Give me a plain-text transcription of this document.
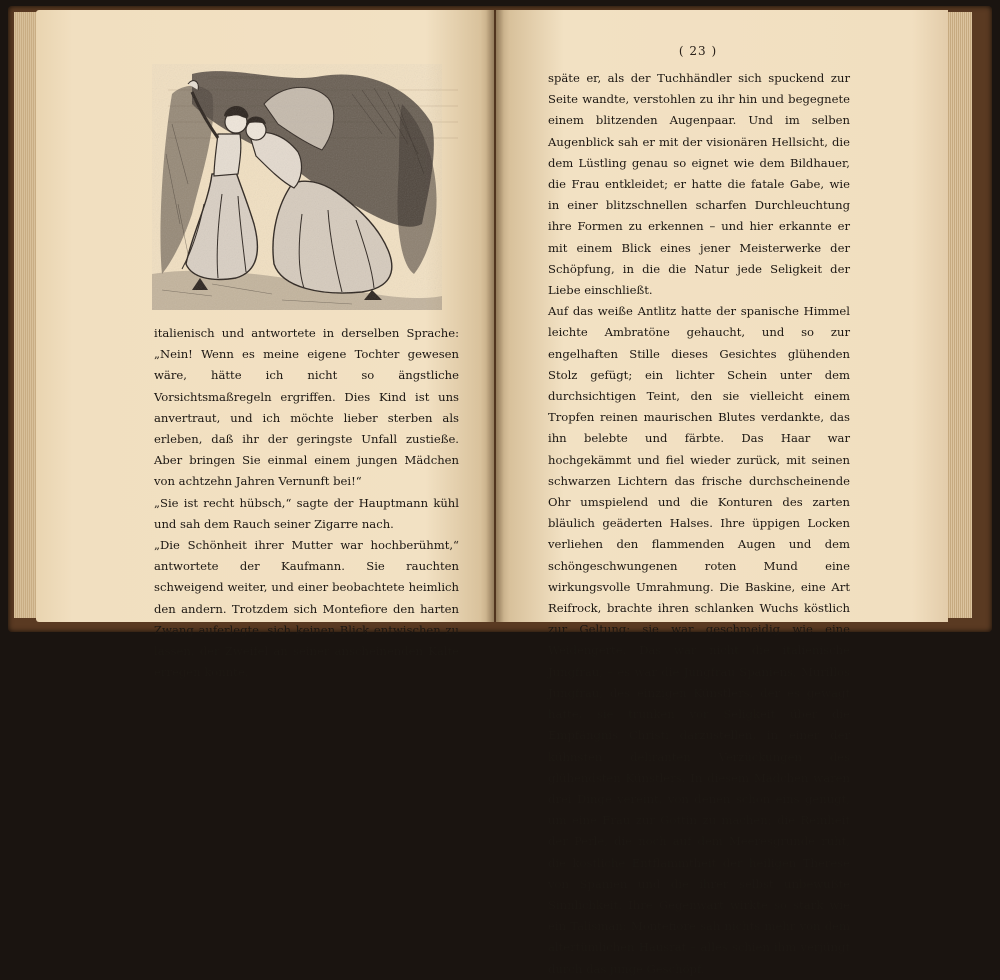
italienisch und antwortete in derselben Sprache: „Nein! Wenn es meine eigene Tochter gewesen wäre, hätte ich nicht so ängstliche Vorsichtsmaßregeln ergriffen. Dies Kind ist uns anvertraut, und ich möchte lieber sterben als erleben, daß ihr der geringste Unfall zustieße. Aber bringen Sie einmal einem jungen Mädchen von achtzehn Jahren Vernunft bei!“

„Sie ist recht hübsch,“ sagte der Hauptmann kühl und sah dem Rauch seiner Zigarre nach.

„Die Schönheit ihrer Mutter war hochberühmt,“ antwortete der Kaufmann. Sie rauchten schweigend weiter, und einer beobachtete heimlich den andern. Trotzdem sich Montefiore den harten Zwang auferlegte, sich keinen Blick entwischen zu lassen, der Zweifel an seiner anscheinenden Kälte erregen konnte,

( 23 )

späte er, als der Tuchhändler sich spuckend zur Seite wandte, verstohlen zu ihr hin und begegnete einem blitzenden Augenpaar. Und im selben Augenblick sah er mit der visionären Hellsicht, die dem Lüstling genau so eignet wie dem Bildhauer, die Frau entkleidet; er hatte die fatale Gabe, wie in einer blitzschnellen scharfen Durchleuchtung ihre Formen zu erkennen – und hier erkannte er mit einem Blick eines jener Meisterwerke der Schöpfung, in die die Natur jede Seligkeit der Liebe einschließt.

Auf das weiße Antlitz hatte der spanische Himmel leichte Ambratöne gehaucht, und so zur engelhaften Stille dieses Gesichtes glühenden Stolz gefügt; ein lichter Schein unter dem durchsichtigen Teint, den sie vielleicht einem Tropfen reinen maurischen Blutes verdankte, das ihn belebte und färbte. Das Haar war hochgekämmt und fiel wieder zurück, mit seinen schwarzen Lichtern das frische durchscheinende Ohr umspielend und die Konturen des zarten bläulich geäderten Halses. Ihre üppigen Locken verliehen den flammenden Augen und dem schöngeschwungenen roten Mund eine wirkungsvolle Umrahmung. Die Baskine, eine Art Reifrock, brachte ihren schlanken Wuchs köstlich zur Geltung; sie war geschmeidig wie eine Weidengerte. Das war nicht die italienische Jungfrau, – es war die Jungfrau Spaniens, Murillos Jungfrau, des einzigen Künstlers, der es gewagt hatte, sie trunken vor Seligkeit über die Empfängnis Christi darzustellen, in einer der kühnsten deliranten Verzückungen des glühendsten Künstlers. In diesem Mädchen waren drei Dinge vereint, von denen schon eins genügt, um eine Frau zur Göttin zu machen; die Reinheit der Perle, die noch auf dem Meeresgrunde ruht, die köstliche Entflammtheit der heiligen Therese von Spanien und die ihrer selbst unbewußte Sinnlichkeit. Ihre Gegenwart wirkte so stark wie ein Talisman: Montefiore sah nichts mehr von dem altertümlichen Hausrat – alles schien ihm verjüngt durch das junge Geschöpf.
